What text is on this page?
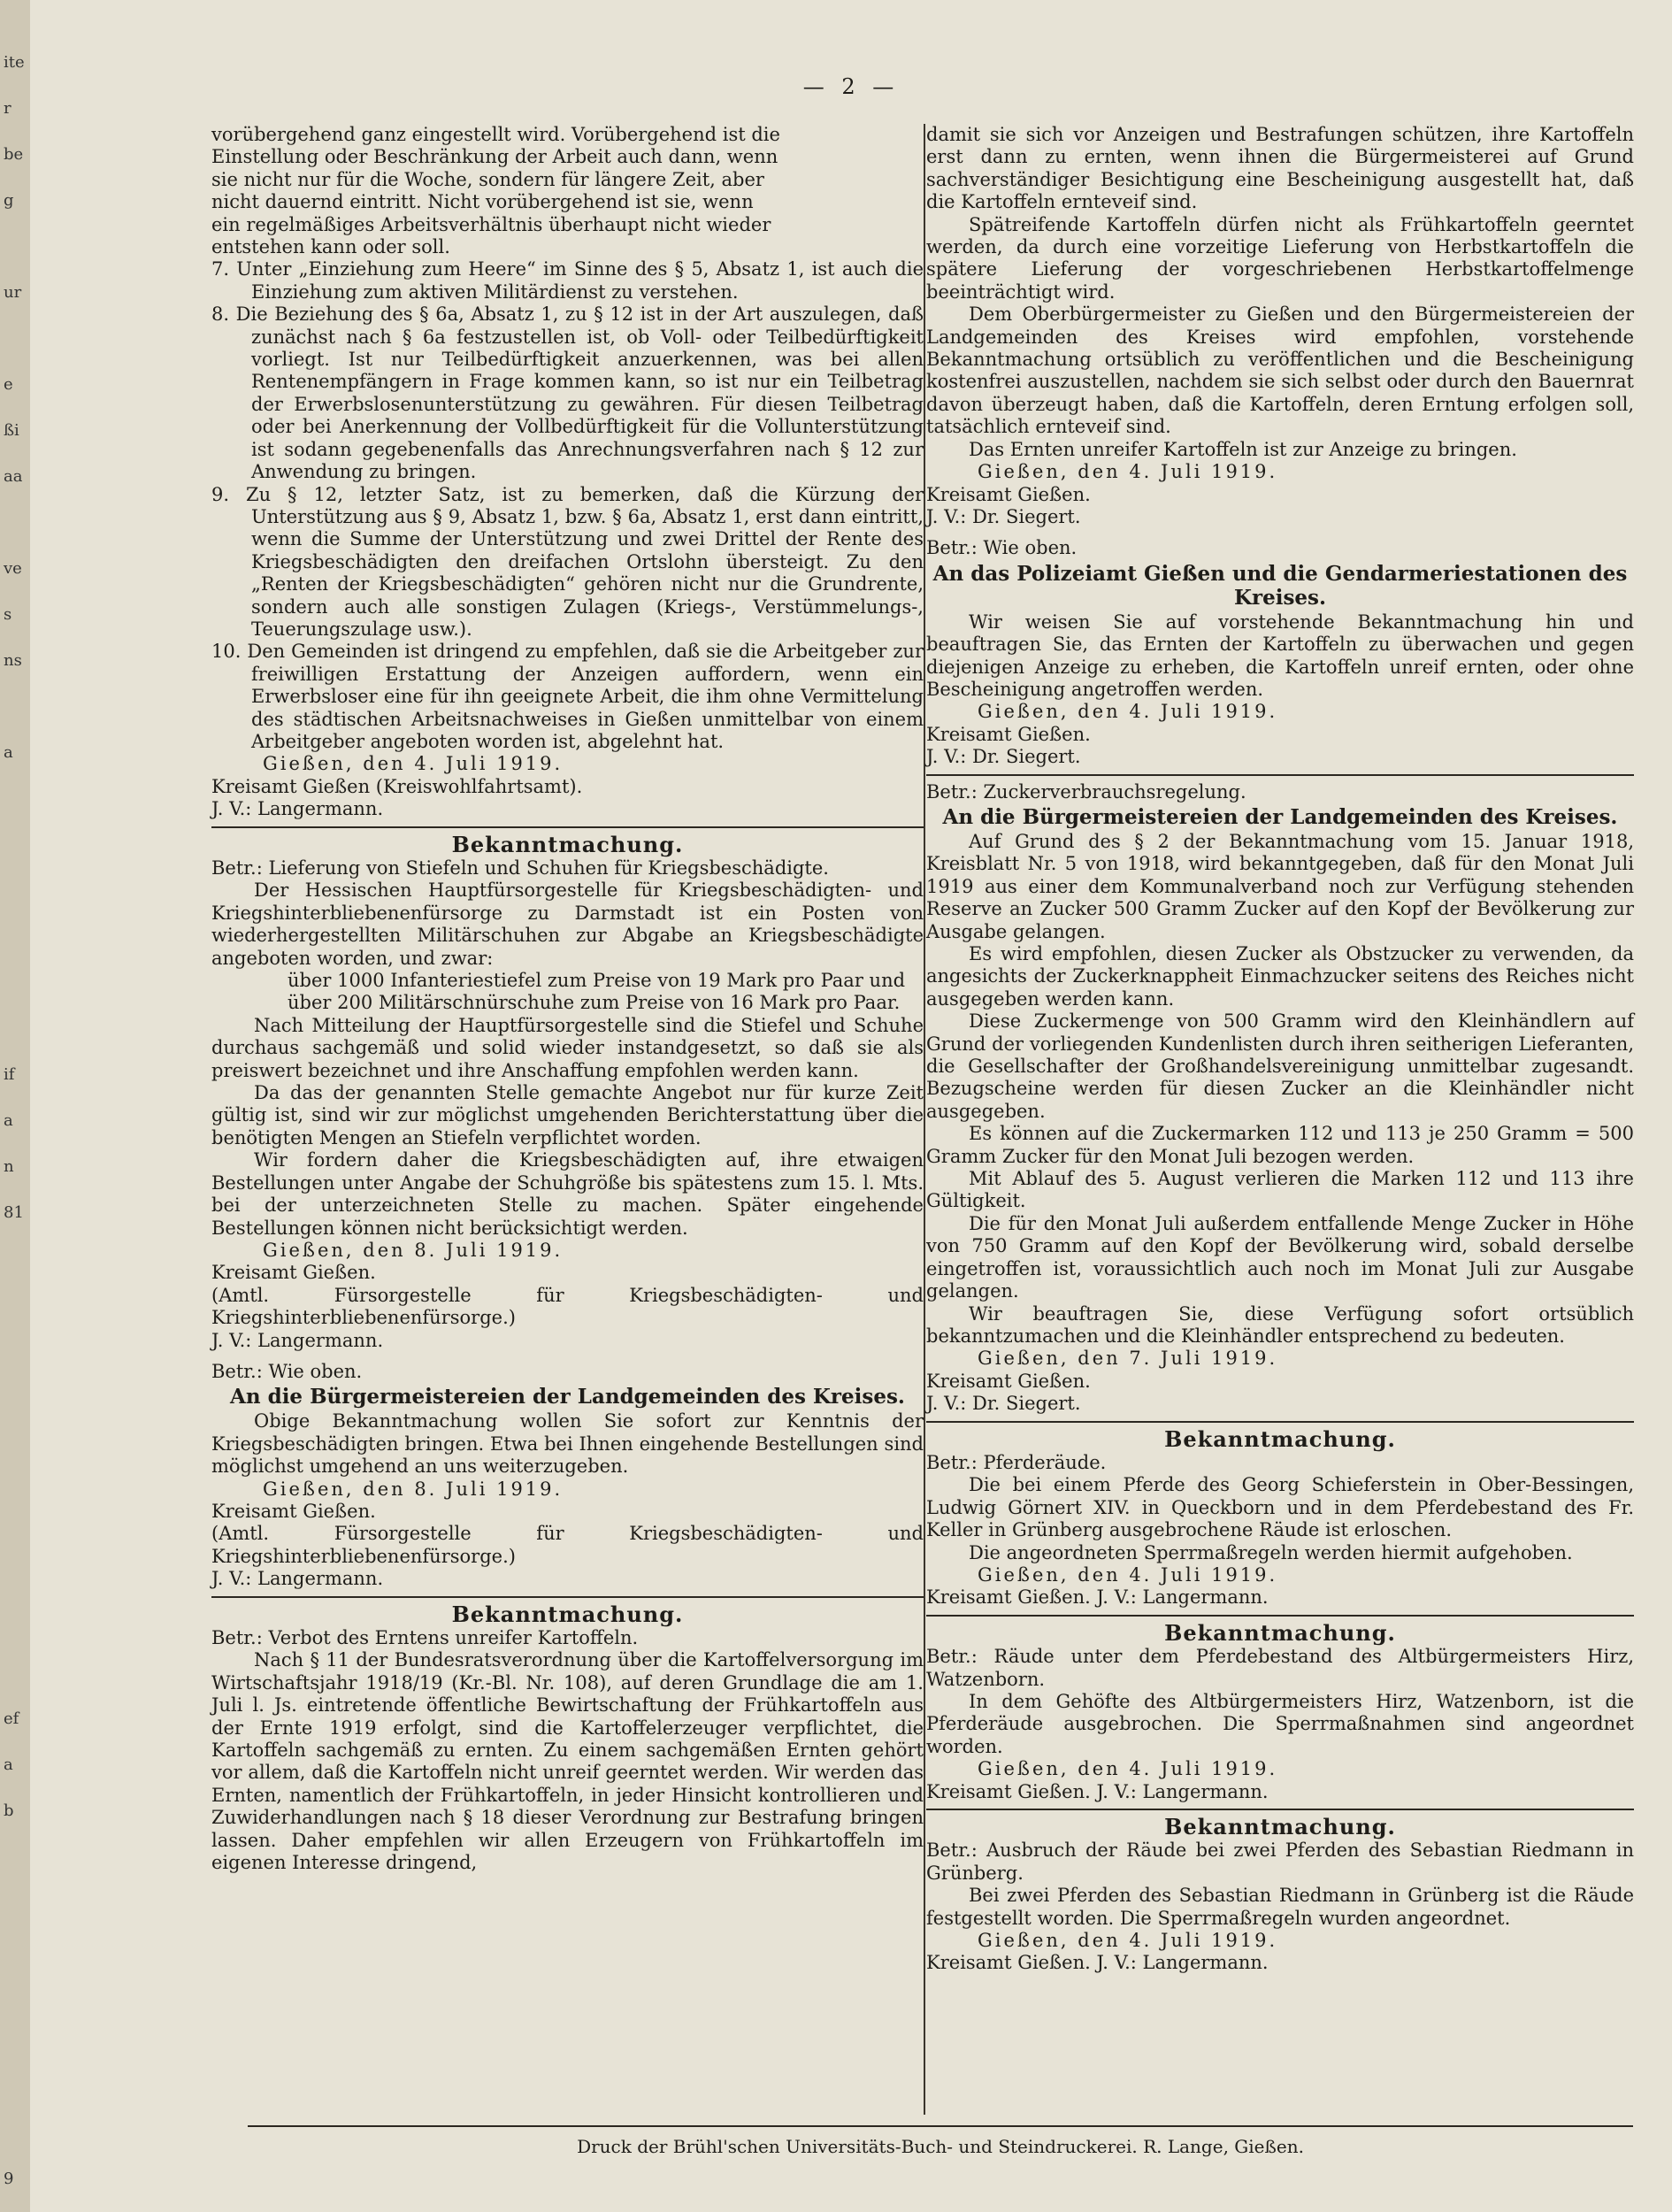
ite
r
be
g
ur
e
ßi
aa
ve
s
ns
a
if
a
n
81
ef
a
b
9
— 2 —

vorübergehend ganz eingestellt wird. Vorübergehend ist die

Einstellung oder Beschränkung der Arbeit auch dann, wenn

sie nicht nur für die Woche, sondern für längere Zeit, aber

nicht dauernd eintritt. Nicht vorübergehend ist sie, wenn

ein regelmäßiges Arbeitsverhältnis überhaupt nicht wieder

entstehen kann oder soll.

7. Unter „Einziehung zum Heere“ im Sinne des § 5, Absatz 1, ist auch die Einziehung zum aktiven Militärdienst zu verstehen.

8. Die Beziehung des § 6a, Absatz 1, zu § 12 ist in der Art auszulegen, daß zunächst nach § 6a festzustellen ist, ob Voll- oder Teilbedürftigkeit vorliegt. Ist nur Teilbedürftigkeit anzuerkennen, was bei allen Rentenempfängern in Frage kommen kann, so ist nur ein Teilbetrag der Erwerbslosenunterstützung zu gewähren. Für diesen Teilbetrag oder bei Anerkennung der Vollbedürftigkeit für die Vollunterstützung ist sodann gegebenenfalls das Anrechnungsverfahren nach § 12 zur Anwendung zu bringen.

9. Zu § 12, letzter Satz, ist zu bemerken, daß die Kürzung der Unterstützung aus § 9, Absatz 1, bzw. § 6a, Absatz 1, erst dann eintritt, wenn die Summe der Unterstützung und zwei Drittel der Rente des Kriegsbeschädigten den dreifachen Ortslohn übersteigt. Zu den „Renten der Kriegsbeschädigten“ gehören nicht nur die Grundrente, sondern auch alle sonstigen Zulagen (Kriegs-, Verstümmelungs-, Teuerungszulage usw.).

10. Den Gemeinden ist dringend zu empfehlen, daß sie die Arbeitgeber zur freiwilligen Erstattung der Anzeigen auffordern, wenn ein Erwerbsloser eine für ihn geeignete Arbeit, die ihm ohne Vermittelung des städtischen Arbeitsnachweises in Gießen unmittelbar von einem Arbeitgeber angeboten worden ist, abgelehnt hat.

Gießen, den 4. Juli 1919.

Kreisamt Gießen (Kreiswohlfahrtsamt).

J. V.: Langermann.

Bekanntmachung.

Betr.: Lieferung von Stiefeln und Schuhen für Kriegsbeschädigte.

Der Hessischen Hauptfürsorgestelle für Kriegsbeschädigten- und Kriegshinterbliebenenfürsorge zu Darmstadt ist ein Posten von wiederhergestellten Militärschuhen zur Abgabe an Kriegsbeschädigte angeboten worden, und zwar:

über 1000 Infanteriestiefel zum Preise von 19 Mark pro Paar und

über 200 Militärschnürschuhe zum Preise von 16 Mark pro Paar.

Nach Mitteilung der Hauptfürsorgestelle sind die Stiefel und Schuhe durchaus sachgemäß und solid wieder instandgesetzt, so daß sie als preiswert bezeichnet und ihre Anschaffung empfohlen werden kann.

Da das der genannten Stelle gemachte Angebot nur für kurze Zeit gültig ist, sind wir zur möglichst umgehenden Berichterstattung über die benötigten Mengen an Stiefeln verpflichtet worden.

Wir fordern daher die Kriegsbeschädigten auf, ihre etwaigen Bestellungen unter Angabe der Schuhgröße bis spätestens zum 15. l. Mts. bei der unterzeichneten Stelle zu machen. Später eingehende Bestellungen können nicht berücksichtigt werden.

Gießen, den 8. Juli 1919.

Kreisamt Gießen.

(Amtl. Fürsorgestelle für Kriegsbeschädigten- und Kriegshinterbliebenenfürsorge.)

J. V.: Langermann.

Betr.: Wie oben.

An die Bürgermeistereien der Landgemeinden des Kreises.

Obige Bekanntmachung wollen Sie sofort zur Kenntnis der Kriegsbeschädigten bringen. Etwa bei Ihnen eingehende Bestellungen sind möglichst umgehend an uns weiterzugeben.

Gießen, den 8. Juli 1919.

Kreisamt Gießen.

(Amtl. Fürsorgestelle für Kriegsbeschädigten- und Kriegshinterbliebenenfürsorge.)

J. V.: Langermann.

Bekanntmachung.

Betr.: Verbot des Erntens unreifer Kartoffeln.

Nach § 11 der Bundesratsverordnung über die Kartoffelversorgung im Wirtschaftsjahr 1918/19 (Kr.-Bl. Nr. 108), auf deren Grundlage die am 1. Juli l. Js. eintretende öffentliche Bewirtschaftung der Frühkartoffeln aus der Ernte 1919 erfolgt, sind die Kartoffelerzeuger verpflichtet, die Kartoffeln sachgemäß zu ernten. Zu einem sachgemäßen Ernten gehört vor allem, daß die Kartoffeln nicht unreif geerntet werden. Wir werden das Ernten, namentlich der Frühkartoffeln, in jeder Hinsicht kontrollieren und Zuwiderhandlungen nach § 18 dieser Verordnung zur Bestrafung bringen lassen. Daher empfehlen wir allen Erzeugern von Frühkartoffeln im eigenen Interesse dringend,

damit sie sich vor Anzeigen und Bestrafungen schützen, ihre Kartoffeln erst dann zu ernten, wenn ihnen die Bürgermeisterei auf Grund sachverständiger Besichtigung eine Bescheinigung ausgestellt hat, daß die Kartoffeln ernteveif sind.

Spätreifende Kartoffeln dürfen nicht als Frühkartoffeln geerntet werden, da durch eine vorzeitige Lieferung von Herbstkartoffeln die spätere Lieferung der vorgeschriebenen Herbstkartoffelmenge beeinträchtigt wird.

Dem Oberbürgermeister zu Gießen und den Bürgermeistereien der Landgemeinden des Kreises wird empfohlen, vorstehende Bekanntmachung ortsüblich zu veröffentlichen und die Bescheinigung kostenfrei auszustellen, nachdem sie sich selbst oder durch den Bauernrat davon überzeugt haben, daß die Kartoffeln, deren Erntung erfolgen soll, tatsächlich ernteveif sind.

Das Ernten unreifer Kartoffeln ist zur Anzeige zu bringen.

Gießen, den 4. Juli 1919.

Kreisamt Gießen.

J. V.: Dr. Siegert.

Betr.: Wie oben.

An das Polizeiamt Gießen und die Gendarmeriestationen des Kreises.

Wir weisen Sie auf vorstehende Bekanntmachung hin und beauftragen Sie, das Ernten der Kartoffeln zu überwachen und gegen diejenigen Anzeige zu erheben, die Kartoffeln unreif ernten, oder ohne Bescheinigung angetroffen werden.

Gießen, den 4. Juli 1919.

Kreisamt Gießen.

J. V.: Dr. Siegert.

Betr.: Zuckerverbrauchsregelung.

An die Bürgermeistereien der Landgemeinden des Kreises.

Auf Grund des § 2 der Bekanntmachung vom 15. Januar 1918, Kreisblatt Nr. 5 von 1918, wird bekanntgegeben, daß für den Monat Juli 1919 aus einer dem Kommunalverband noch zur Verfügung stehenden Reserve an Zucker 500 Gramm Zucker auf den Kopf der Bevölkerung zur Ausgabe gelangen.

Es wird empfohlen, diesen Zucker als Obstzucker zu verwenden, da angesichts der Zuckerknappheit Einmachzucker seitens des Reiches nicht ausgegeben werden kann.

Diese Zuckermenge von 500 Gramm wird den Kleinhändlern auf Grund der vorliegenden Kundenlisten durch ihren seitherigen Lieferanten, die Gesellschafter der Großhandelsvereinigung unmittelbar zugesandt. Bezugscheine werden für diesen Zucker an die Kleinhändler nicht ausgegeben.

Es können auf die Zuckermarken 112 und 113 je 250 Gramm = 500 Gramm Zucker für den Monat Juli bezogen werden.

Mit Ablauf des 5. August verlieren die Marken 112 und 113 ihre Gültigkeit.

Die für den Monat Juli außerdem entfallende Menge Zucker in Höhe von 750 Gramm auf den Kopf der Bevölkerung wird, sobald derselbe eingetroffen ist, voraussichtlich auch noch im Monat Juli zur Ausgabe gelangen.

Wir beauftragen Sie, diese Verfügung sofort ortsüblich bekanntzumachen und die Kleinhändler entsprechend zu bedeuten.

Gießen, den 7. Juli 1919.

Kreisamt Gießen.

J. V.: Dr. Siegert.

Bekanntmachung.

Betr.: Pferderäude.

Die bei einem Pferde des Georg Schieferstein in Ober-Bessingen, Ludwig Görnert XIV. in Queckborn und in dem Pferdebestand des Fr. Keller in Grünberg ausgebrochene Räude ist erloschen.

Die angeordneten Sperrmaßregeln werden hiermit aufgehoben.

Gießen, den 4. Juli 1919.

Kreisamt Gießen. J. V.: Langermann.

Bekanntmachung.

Betr.: Räude unter dem Pferdebestand des Altbürgermeisters Hirz, Watzenborn.

In dem Gehöfte des Altbürgermeisters Hirz, Watzenborn, ist die Pferderäude ausgebrochen. Die Sperrmaßnahmen sind angeordnet worden.

Gießen, den 4. Juli 1919.

Kreisamt Gießen. J. V.: Langermann.

Bekanntmachung.

Betr.: Ausbruch der Räude bei zwei Pferden des Sebastian Riedmann in Grünberg.

Bei zwei Pferden des Sebastian Riedmann in Grünberg ist die Räude festgestellt worden. Die Sperrmaßregeln wurden angeordnet.

Gießen, den 4. Juli 1919.

Kreisamt Gießen. J. V.: Langermann.

Druck der Brühl'schen Universitäts-Buch- und Steindruckerei. R. Lange, Gießen.
